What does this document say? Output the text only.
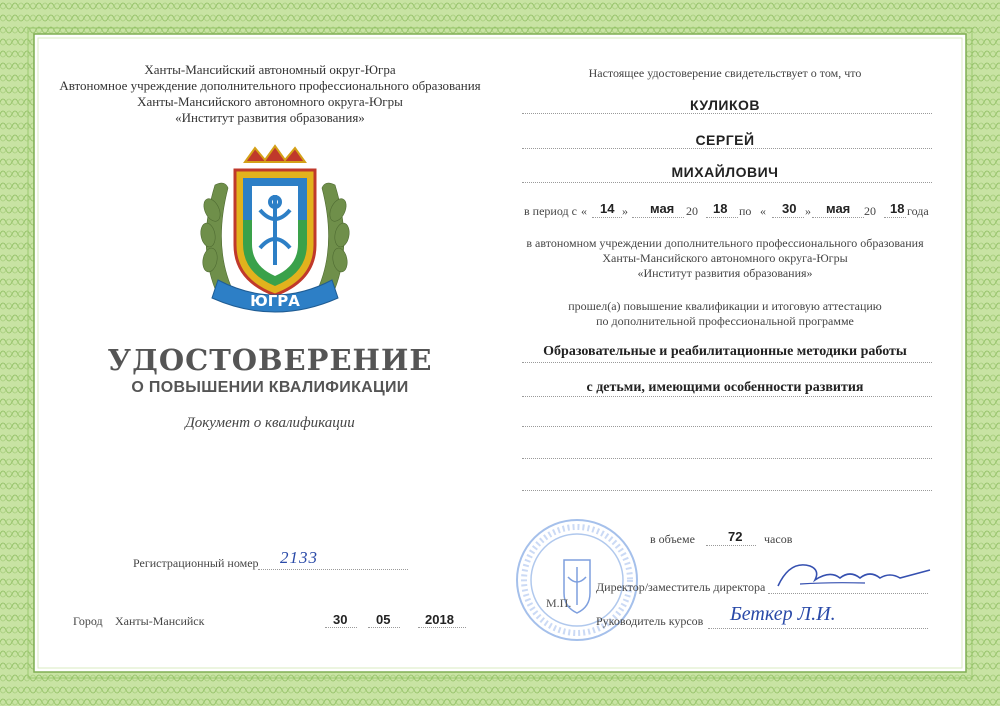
Ханты-Мансийский автономный округ-Югра
Автономное учреждение дополнительного профессионального образования
Ханты-Мансийского автономного округа-Югры
«Институт развития образования»
ЮГРА
УДОСТОВЕРЕНИЕ
О ПОВЫШЕНИИ КВАЛИФИКАЦИИ
Документ о квалификации
Регистрационный номер 2133
Город Ханты-Мансийск	30 05	2018
Настоящее удостоверение свидетельствует о том, что
КУЛИКОВ
СЕРГЕЙ
МИХАЙЛОВИЧ
в период с « 14 » мая 20 18 по « 30 » мая 20 18 года
в автономном учреждении дополнительного профессионального образования
Ханты-Мансийского автономного округа-Югры
«Институт развития образования»
прошел(а) повышение квалификации и итоговую аттестацию
по дополнительной профессиональной программе
Образовательные и реабилитационные методики работы
с детьми, имеющими особенности развития
М.П.
в объеме	72 часов
Директор/заместитель директора
Руководитель курсов Беткер Л.И.
